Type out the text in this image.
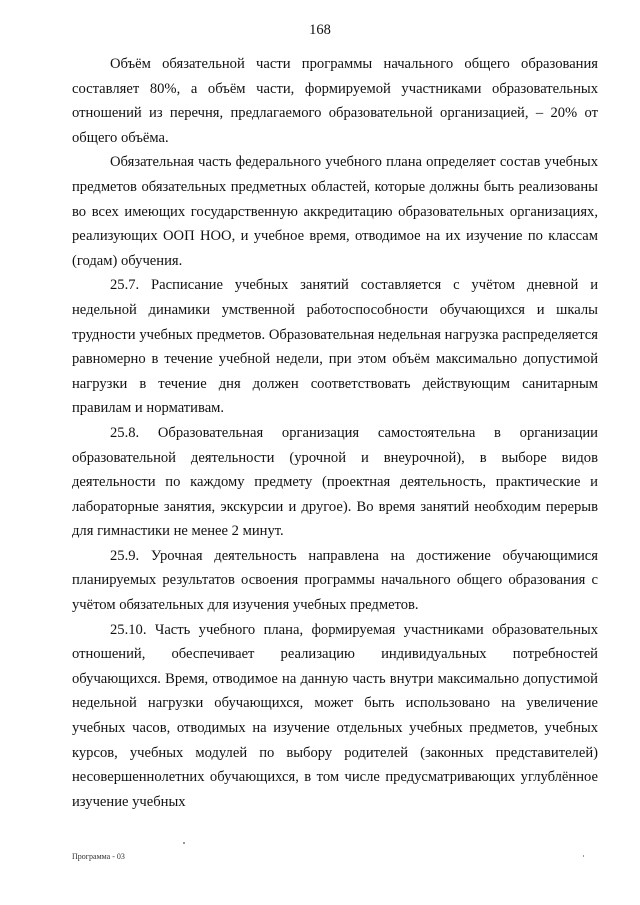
168

Объём обязательной части программы начального общего образования составляет 80%, а объём части, формируемой участниками образовательных отношений из перечня, предлагаемого образовательной организацией, – 20% от общего объёма.

Обязательная часть федерального учебного плана определяет состав учебных предметов обязательных предметных областей, которые должны быть реализованы во всех имеющих государственную аккредитацию образовательных организациях, реализующих ООП НОО, и учебное время, отводимое на их изучение по классам (годам) обучения.

25.7. Расписание учебных занятий составляется с учётом дневной и недельной динамики умственной работоспособности обучающихся и шкалы трудности учебных предметов. Образовательная недельная нагрузка распределяется равномерно в течение учебной недели, при этом объём максимально допустимой нагрузки в течение дня должен соответствовать действующим санитарным правилам и нормативам.

25.8. Образовательная организация самостоятельна в организации образовательной деятельности (урочной и внеурочной), в выборе видов деятельности по каждому предмету (проектная деятельность, практические и лабораторные занятия, экскурсии и другое). Во время занятий необходим перерыв для гимнастики не менее 2 минут.

25.9. Урочная деятельность направлена на достижение обучающимися планируемых результатов освоения программы начального общего образования с учётом обязательных для изучения учебных предметов.

25.10. Часть учебного плана, формируемая участниками образовательных отношений, обеспечивает реализацию индивидуальных потребностей обучающихся. Время, отводимое на данную часть внутри максимально допустимой недельной нагрузки обучающихся, может быть использовано на увеличение учебных часов, отводимых на изучение отдельных учебных предметов, учебных курсов, учебных модулей по выбору родителей (законных представителей) несовершеннолетних обучающихся, в том числе предусматривающих углублённое изучение учебных

Программа - 03
